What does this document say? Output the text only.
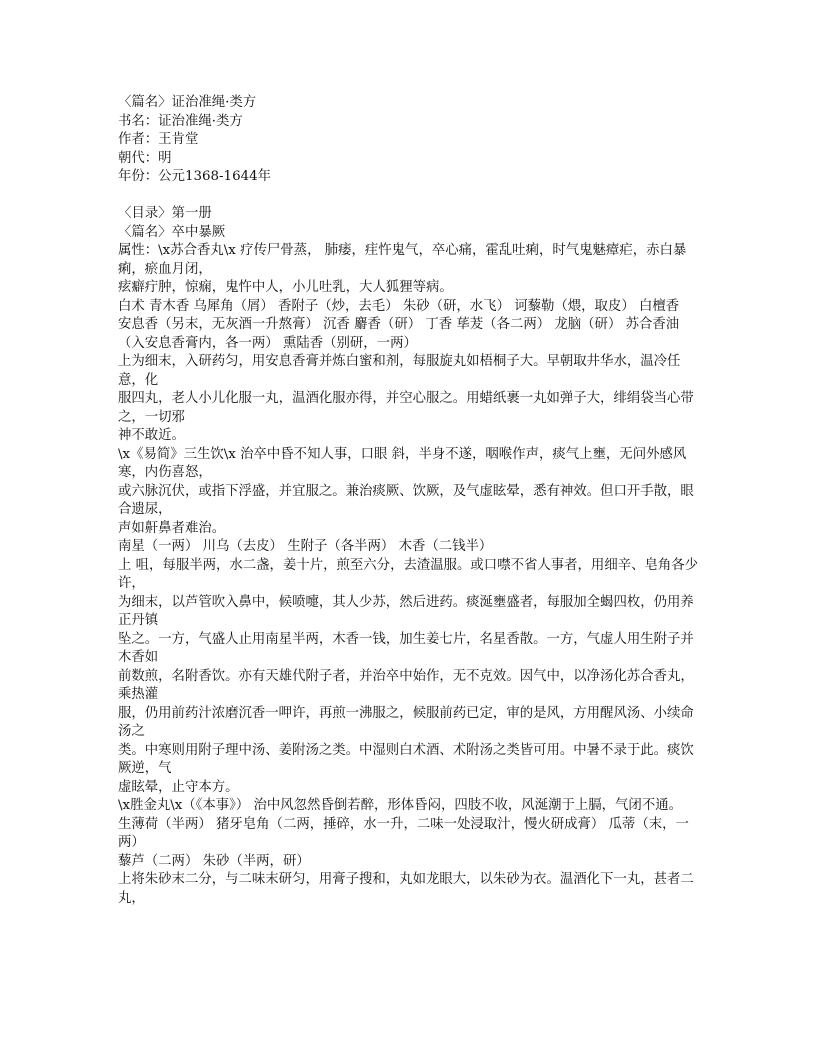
〈篇名〉证治准绳·类方

书名：证治准绳·类方

作者：王肯堂

朝代：明

年份：公元1368-1644年

〈目录〉第一册

〈篇名〉卒中暴厥

属性：\x苏合香丸\x 疗传尸骨蒸， 肺痿，疰忤鬼气，卒心痛，霍乱吐痢，时气鬼魅瘴疟，赤白暴痢，瘀血月闭，

痃癖疔肿，惊痫，鬼忤中人，小儿吐乳，大人狐狸等病。

白术 青木香 乌犀角（屑） 香附子（炒，去毛） 朱砂（研，水飞） 诃藜勒（煨，取皮） 白檀香

安息香（另末，无灰酒一升熬膏） 沉香 麝香（研） 丁香 荜茇（各二两） 龙脑（研） 苏合香油

（入安息香膏内，各一两） 熏陆香（别研，一两）

上为细末，入研药匀，用安息香膏并炼白蜜和剂，每服旋丸如梧桐子大。早朝取井华水，温冷任意，化

服四丸，老人小儿化服一丸，温酒化服亦得，并空心服之。用蜡纸裹一丸如弹子大，绯绢袋当心带之，一切邪

神不敢近。

\x《易简》三生饮\x 治卒中昏不知人事，口眼 斜，半身不遂，咽喉作声，痰气上壅，无问外感风寒，内伤喜怒，

或六脉沉伏，或指下浮盛，并宜服之。兼治痰厥、饮厥，及气虚眩晕，悉有神效。但口开手散，眼合遗尿，

声如鼾鼻者难治。

南星（一两） 川乌（去皮） 生附子（各半两） 木香（二钱半）

上 咀，每服半两，水二盏，姜十片，煎至六分，去渣温服。或口噤不省人事者，用细辛、皂角各少许，

为细末，以芦管吹入鼻中，候喷嚏，其人少苏，然后进药。痰涎壅盛者，每服加全蝎四枚，仍用养正丹镇

坠之。一方，气盛人止用南星半两，木香一钱，加生姜七片，名星香散。一方，气虚人用生附子并木香如

前数煎，名附香饮。亦有天雄代附子者，并治卒中始作，无不克效。因气中，以净汤化苏合香丸，乘热灌

服，仍用前药汁浓磨沉香一呷许，再煎一沸服之，候服前药已定，审的是风，方用醒风汤、小续命汤之

类。中寒则用附子理中汤、姜附汤之类。中湿则白术酒、术附汤之类皆可用。中暑不录于此。痰饮厥逆，气

虚眩晕，止守本方。

\x胜金丸\x（《本事》） 治中风忽然昏倒若醉，形体昏闷，四肢不收，风涎潮于上膈，气闭不通。

生薄荷（半两） 猪牙皂角（二两，捶碎，水一升，二味一处浸取汁，慢火研成膏） 瓜蒂（末，一两）

藜芦（二两） 朱砂（半两，研）

上将朱砂末二分，与二味末研匀，用膏子搜和，丸如龙眼大，以朱砂为衣。温酒化下一丸，甚者二丸，
